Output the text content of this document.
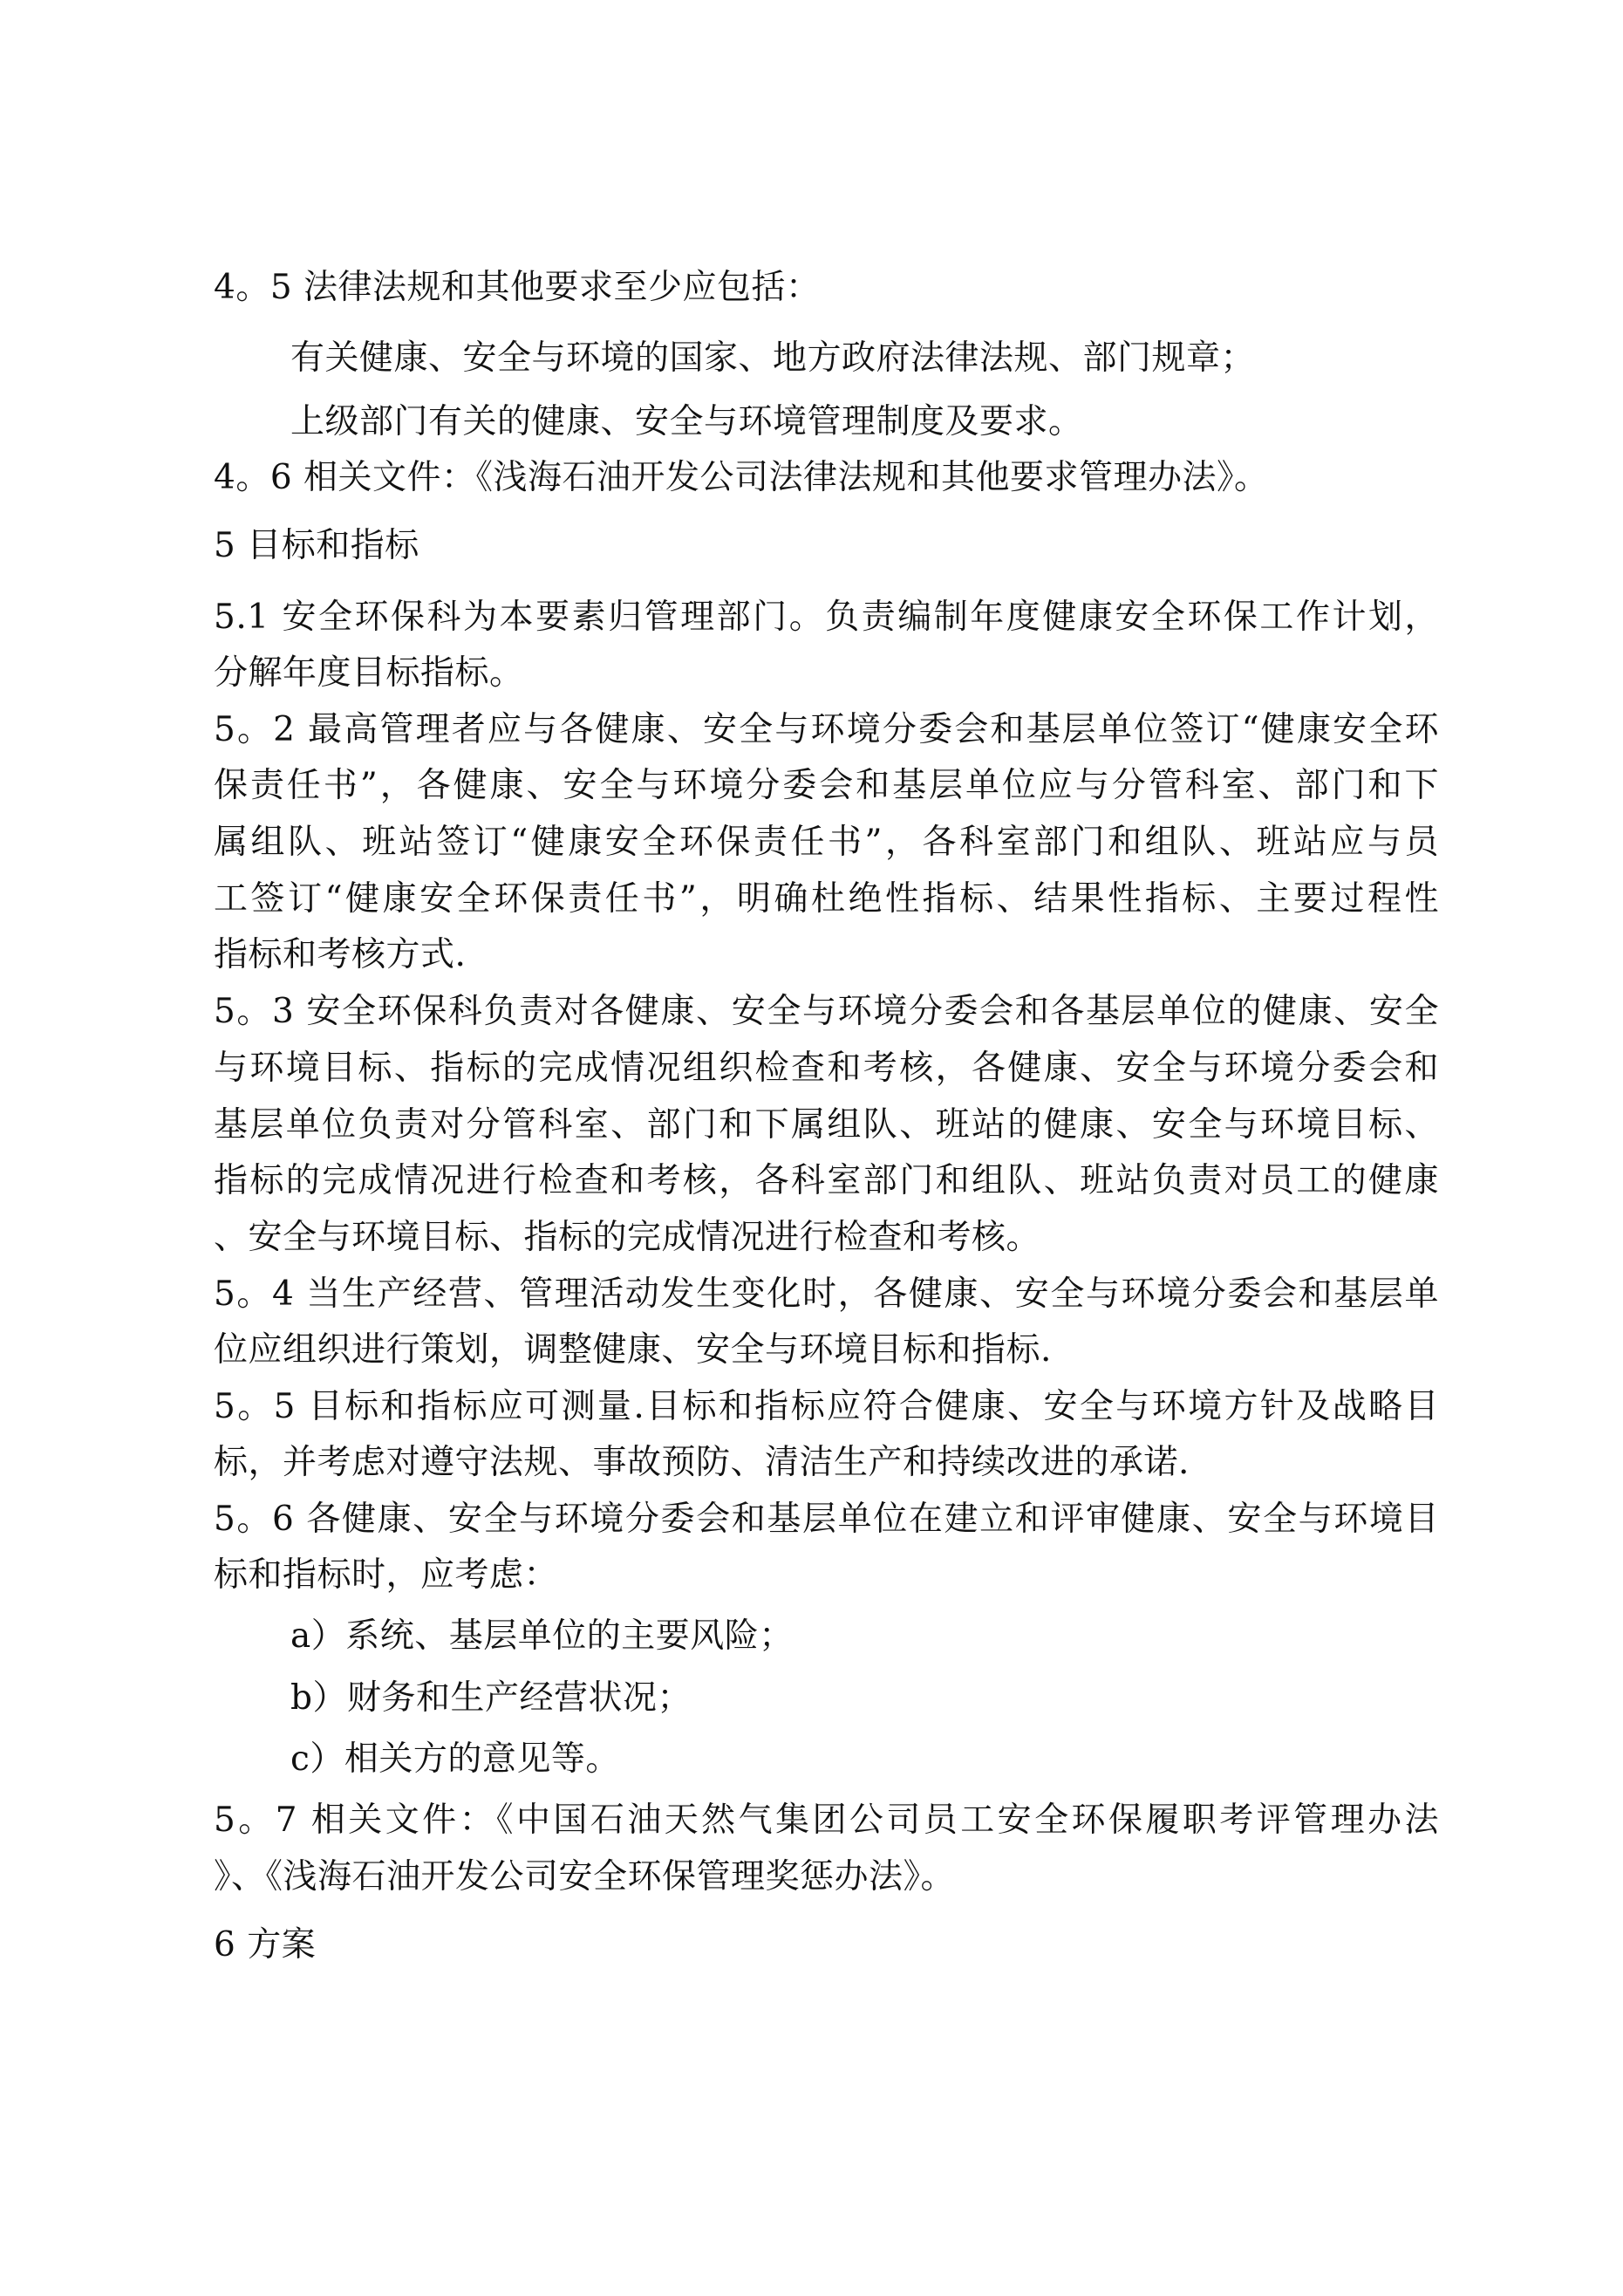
4。5 法律法规和其他要求至少应包括：
有关健康、安全与环境的国家、地方政府法律法规、部门规章；
上级部门有关的健康、安全与环境管理制度及要求。
4。6 相关文件：《浅海石油开发公司法律法规和其他要求管理办法》。
5 目标和指标
5.1 安全环保科为本要素归管理部门。负责编制年度健康安全环保工作计划，
分解年度目标指标。
5。2 最高管理者应与各健康、安全与环境分委会和基层单位签订“健康安全环
保责任书”，各健康、安全与环境分委会和基层单位应与分管科室、部门和下
属组队、班站签订“健康安全环保责任书”，各科室部门和组队、班站应与员
工签订“健康安全环保责任书”，明确杜绝性指标、结果性指标、主要过程性
指标和考核方式.
5。3 安全环保科负责对各健康、安全与环境分委会和各基层单位的健康、安全
与环境目标、指标的完成情况组织检查和考核，各健康、安全与环境分委会和
基层单位负责对分管科室、部门和下属组队、班站的健康、安全与环境目标、
指标的完成情况进行检查和考核，各科室部门和组队、班站负责对员工的健康
、安全与环境目标、指标的完成情况进行检查和考核。
5。4 当生产经营、管理活动发生变化时，各健康、安全与环境分委会和基层单
位应组织进行策划，调整健康、安全与环境目标和指标.
5。5 目标和指标应可测量.目标和指标应符合健康、安全与环境方针及战略目
标，并考虑对遵守法规、事故预防、清洁生产和持续改进的承诺.
5。6 各健康、安全与环境分委会和基层单位在建立和评审健康、安全与环境目
标和指标时，应考虑：
a）系统、基层单位的主要风险；
b）财务和生产经营状况；
c）相关方的意见等。
5。7 相关文件：《中国石油天然气集团公司员工安全环保履职考评管理办法
》、《浅海石油开发公司安全环保管理奖惩办法》。
6 方案
